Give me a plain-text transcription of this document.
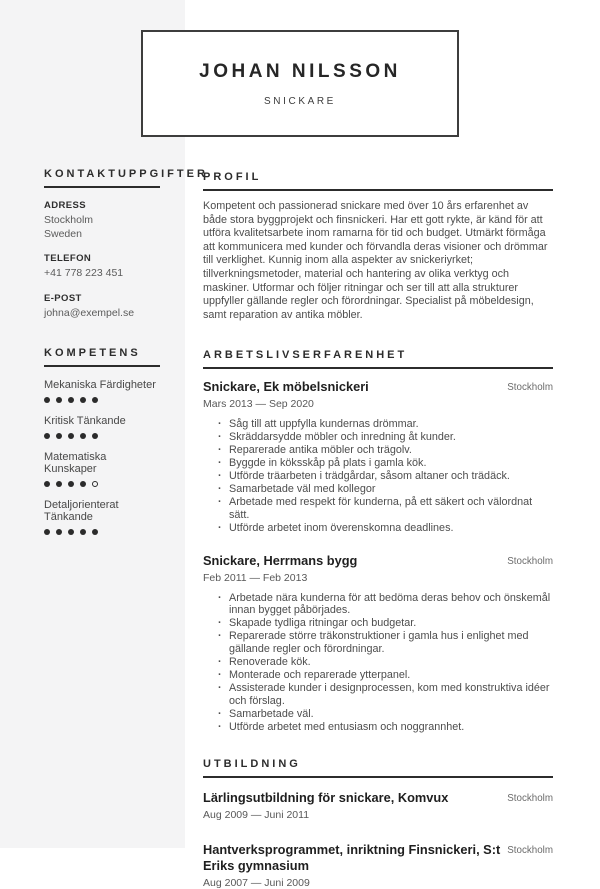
JOHAN NILSSON
SNICKARE
KONTAKTUPPGIFTER
ADRESS
Stockholm
Sweden
TELEFON
+41 778 223 451
E-POST
johna@exempel.se
KOMPETENS
Mekaniska Färdigheter
Kritisk Tänkande
Matematiska Kunskaper
Detaljorienterat Tänkande
PROFIL
Kompetent och passionerad snickare med över 10 års erfarenhet av både stora byggprojekt och finsnickeri. Har ett gott rykte, är känd för att utföra kvalitetsarbete inom ramarna för tid och budget. Utmärkt förmåga att kommunicera med kunder och förvandla deras visioner och drömmar till verklighet. Kunnig inom alla aspekter av snickeriyrket; tillverkningsmetoder, material och hantering av olika verktyg och maskiner. Utformar och följer ritningar och ser till att alla strukturer uppfyller gällande regler och förordningar. Specialist på möbeldesign, samt reparation av antika möbler.
ARBETSLIVSERFARENHET
Snickare, Ek möbelsnickeri	Stockholm
Mars 2013 — Sep 2020
· Såg till att uppfylla kundernas drömmar.
· Skräddarsydde möbler och inredning åt kunder.
· Reparerade antika möbler och trägolv.
· Byggde in köksskåp på plats i gamla kök.
· Utförde träarbeten i trädgårdar, såsom altaner och trädäck.
· Samarbetade väl med kollegor
· Arbetade med respekt för kunderna, på ett säkert och välordnat sätt.
· Utförde arbetet inom överenskomna deadlines.
Snickare, Herrmans bygg	Stockholm
Feb 2011 — Feb 2013
· Arbetade nära kunderna för att bedöma deras behov och önskemål innan bygget påbörjades.
· Skapade tydliga ritningar och budgetar.
· Reparerade större träkonstruktioner i gamla hus i enlighet med gällande regler och förordningar.
· Renoverade kök.
· Monterade och reparerade ytterpanel.
· Assisterade kunder i designprocessen, kom med konstruktiva idéer och förslag.
· Samarbetade väl.
· Utförde arbetet med entusiasm och noggrannhet.
UTBILDNING
Lärlingsutbildning för snickare, Komvux	Stockholm
Aug 2009 — Juni 2011
Hantverksprogrammet, inriktning Finsnickeri, S:t Eriks gymnasium
Stockholm
Aug 2007 — Juni 2009
